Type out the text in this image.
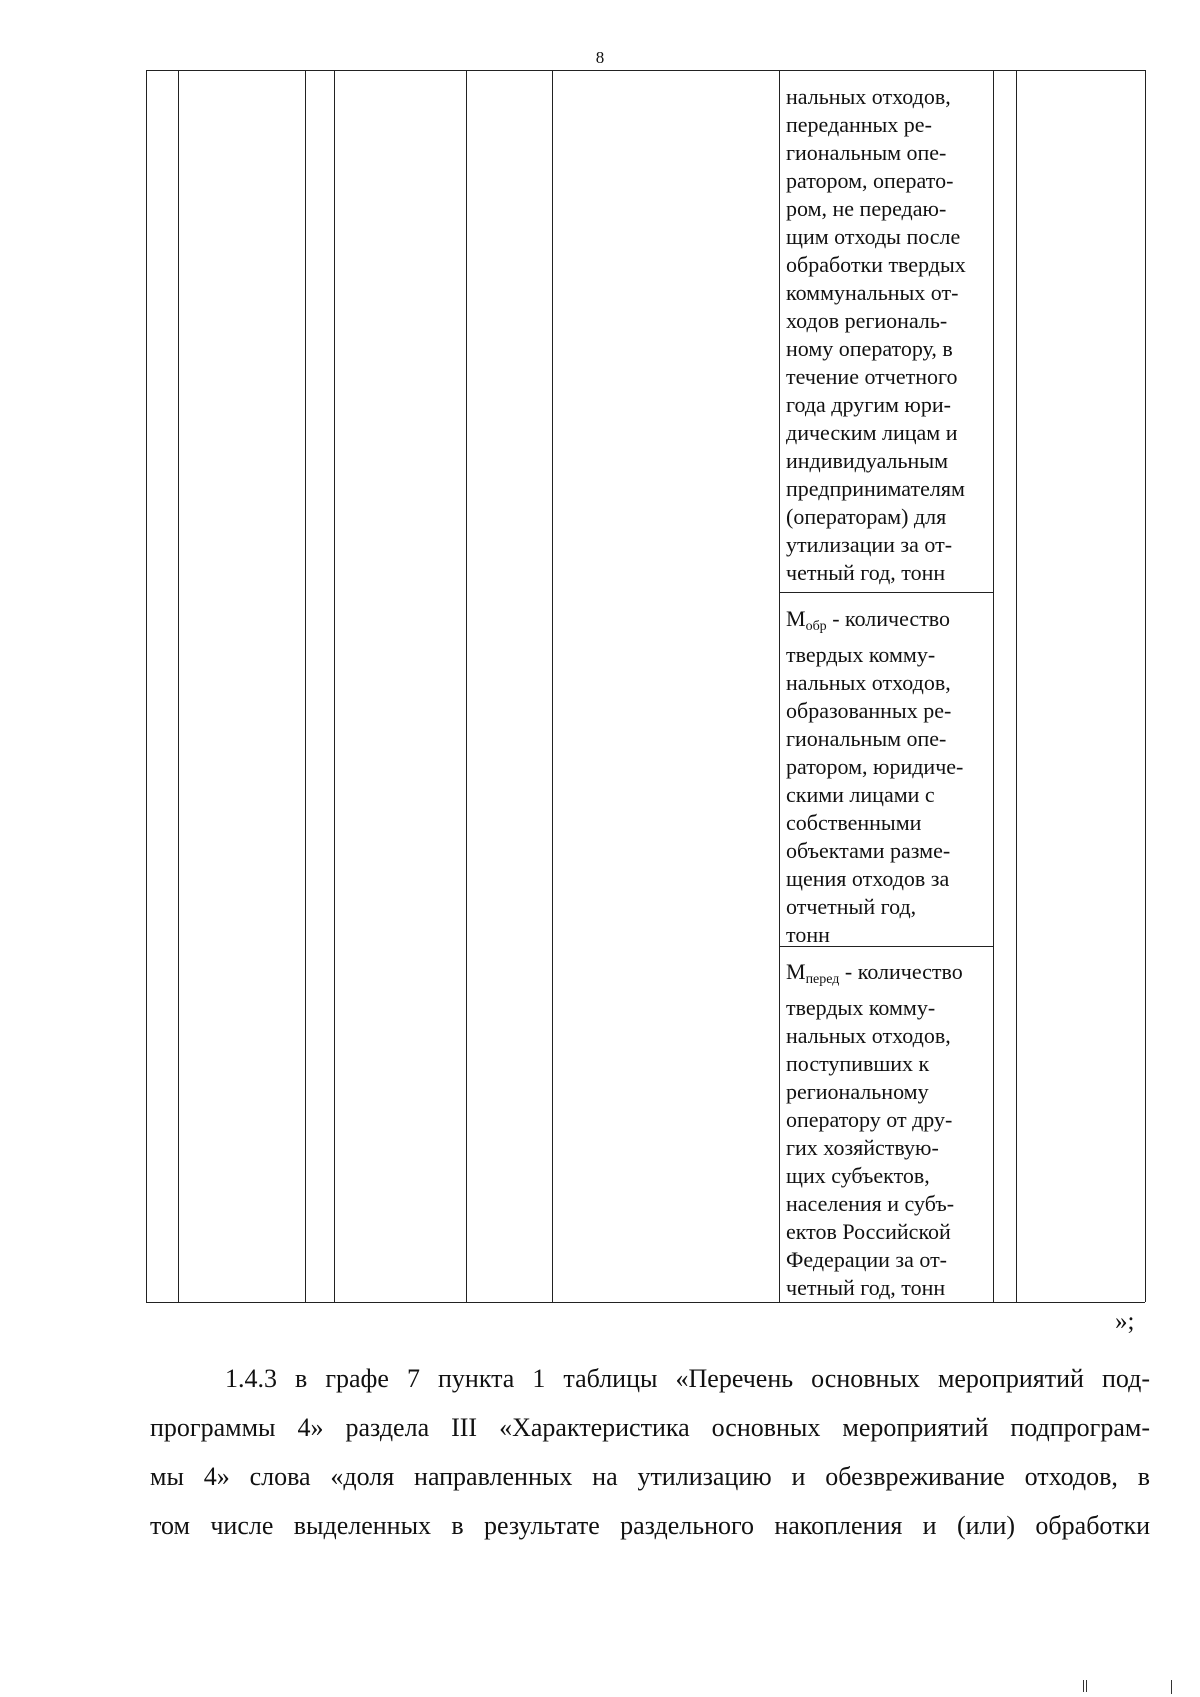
8
нальных отходов,
переданных ре-
гиональным опе-
ратором, операто-
ром, не передаю-
щим отходы после
обработки твердых
коммунальных от-
ходов региональ-
ному оператору, в
течение отчетного
года другим юри-
дическим лицам и
индивидуальным
предпринимателям
(операторам) для
утилизации за от-
четный год, тонн
$M_{обр}$ - количество
твердых комму-
нальных отходов,
образованных ре-
гиональным опе-
ратором, юридиче-
скими лицами с
собственными
объектами разме-
щения отходов за
отчетный год,
тонн
$M_{перед}$ - количество
твердых комму-
нальных отходов,
поступивших к
региональному
оператору от дру-
гих хозяйствую-
щих субъектов,
населения и субъ-
ектов Российской
Федерации за от-
четный год, тонн
»;
1.4.3 в графе 7 пункта 1 таблицы «Перечень основных мероприятий под-
программы 4» раздела III «Характеристика основных мероприятий подпрограм-
мы 4» слова «доля направленных на утилизацию и обезвреживание отходов, в
том числе выделенных в результате раздельного накопления и (или) обработки
